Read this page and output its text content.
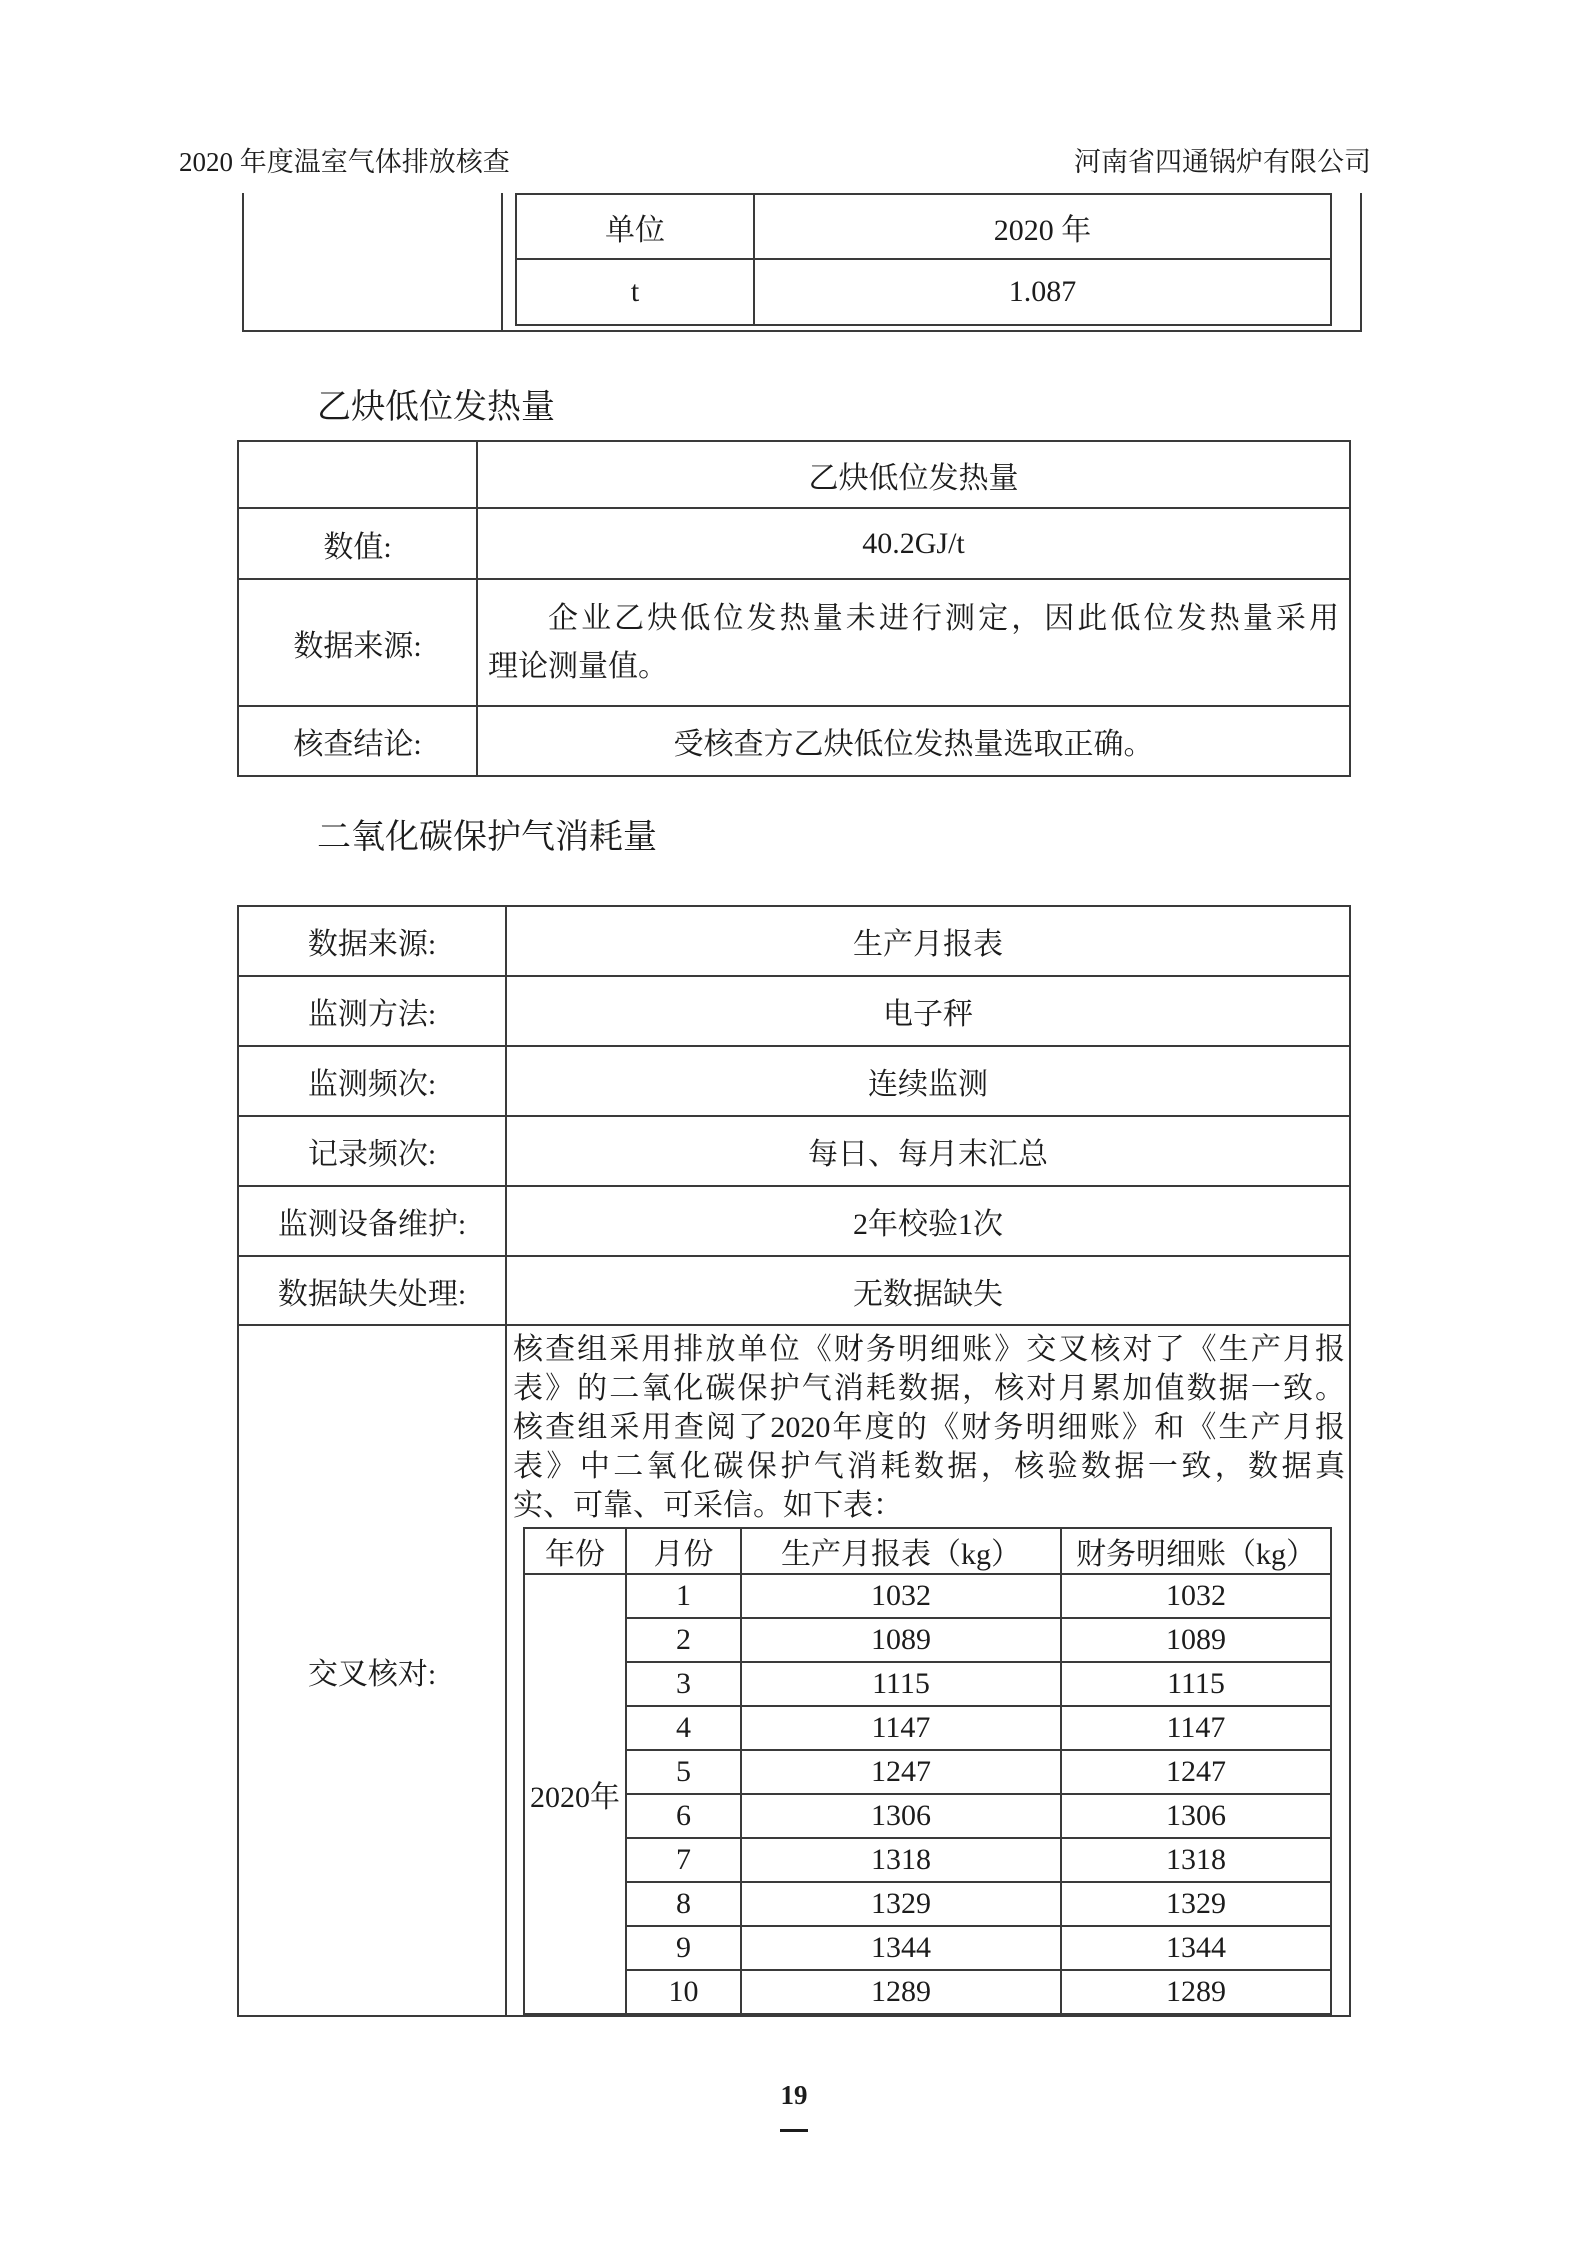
2020 年度温室气体排放核查	河南省四通锅炉有限公司
单位	2020 年
t	1.087
乙炔低位发热量
	乙炔低位发热量
数值:	40.2GJ/t
数据来源:	企业乙炔低位发热量未进行测定，因此低位发热量采用
理论测量值。

核查结论:	受核查方乙炔低位发热量选取正确。
二氧化碳保护气消耗量
数据来源:	生产月报表
监测方法:	电子秤
监测频次:	连续监测
记录频次:	每日、每月末汇总
监测设备维护:	2年校验1次
数据缺失处理:	无数据缺失
交叉核对:	
核查组采用排放单位《财务明细账》交叉核对了《生产月报
表》的二氧化碳保护气消耗数据，核对月累加值数据一致。
核查组采用查阅了2020年度的《财务明细账》和《生产月报
表》中二氧化碳保护气消耗数据，核验数据一致，数据真
实、可靠、可采信。如下表：
年份	月份	生产月报表（kg）	财务明细账（kg）
2020年	1	1032	1032
2	1089	1089
3	1115	1115
4	1147	1147
5	1247	1247
6	1306	1306
7	1318	1318
8	1329	1329
9	1344	1344
10	1289	1289
19
